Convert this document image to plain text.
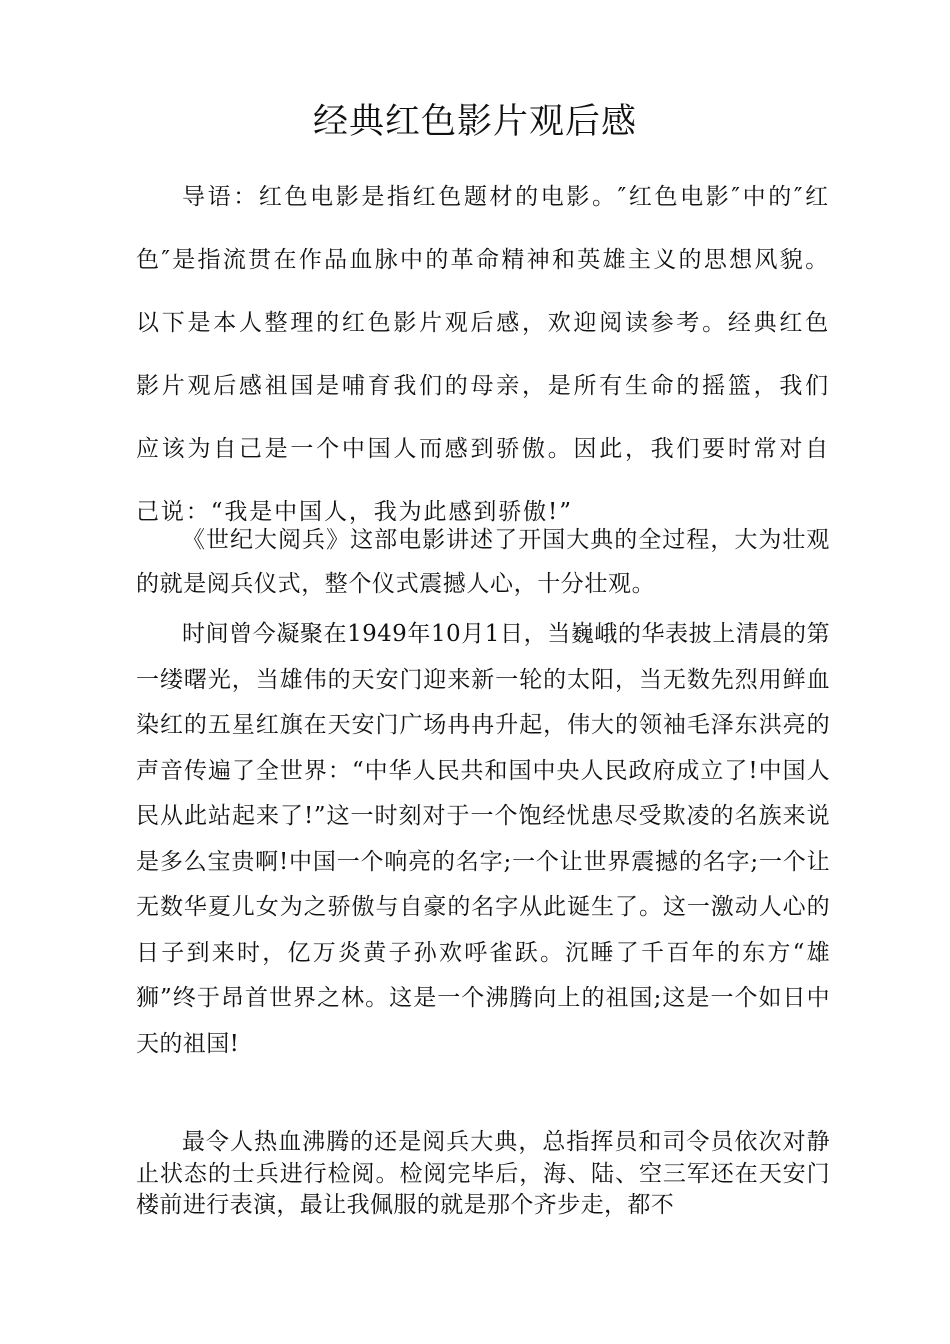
经典红色影片观后感

导语：红色电影是指红色题材的电影。″红色电影″中的″红色″是指流贯在作品血脉中的革命精神和英雄主义的思想风貌。以下是本人整理的红色影片观后感，欢迎阅读参考。经典红色影片观后感祖国是哺育我们的母亲，是所有生命的摇篮，我们应该为自己是一个中国人而感到骄傲。因此，我们要时常对自己说：“我是中国人，我为此感到骄傲!”

《世纪大阅兵》这部电影讲述了开国大典的全过程，大为壮观的就是阅兵仪式，整个仪式震撼人心，十分壮观。

时间曾今凝聚在1949年10月1日，当巍峨的华表披上清晨的第一缕曙光，当雄伟的天安门迎来新一轮的太阳，当无数先烈用鲜血染红的五星红旗在天安门广场冉冉升起，伟大的领袖毛泽东洪亮的声音传遍了全世界：“中华人民共和国中央人民政府成立了!中国人民从此站起来了!”这一时刻对于一个饱经忧患尽受欺凌的名族来说是多么宝贵啊!中国一个响亮的名字;一个让世界震撼的名字;一个让无数华夏儿女为之骄傲与自豪的名字从此诞生了。这一激动人心的日子到来时，亿万炎黄子孙欢呼雀跃。沉睡了千百年的东方“雄狮”终于昂首世界之林。这是一个沸腾向上的祖国;这是一个如日中天的祖国!

最令人热血沸腾的还是阅兵大典，总指挥员和司令员依次对静止状态的士兵进行检阅。检阅完毕后，海、陆、空三军还在天安门楼前进行表演，最让我佩服的就是那个齐步走，都不
